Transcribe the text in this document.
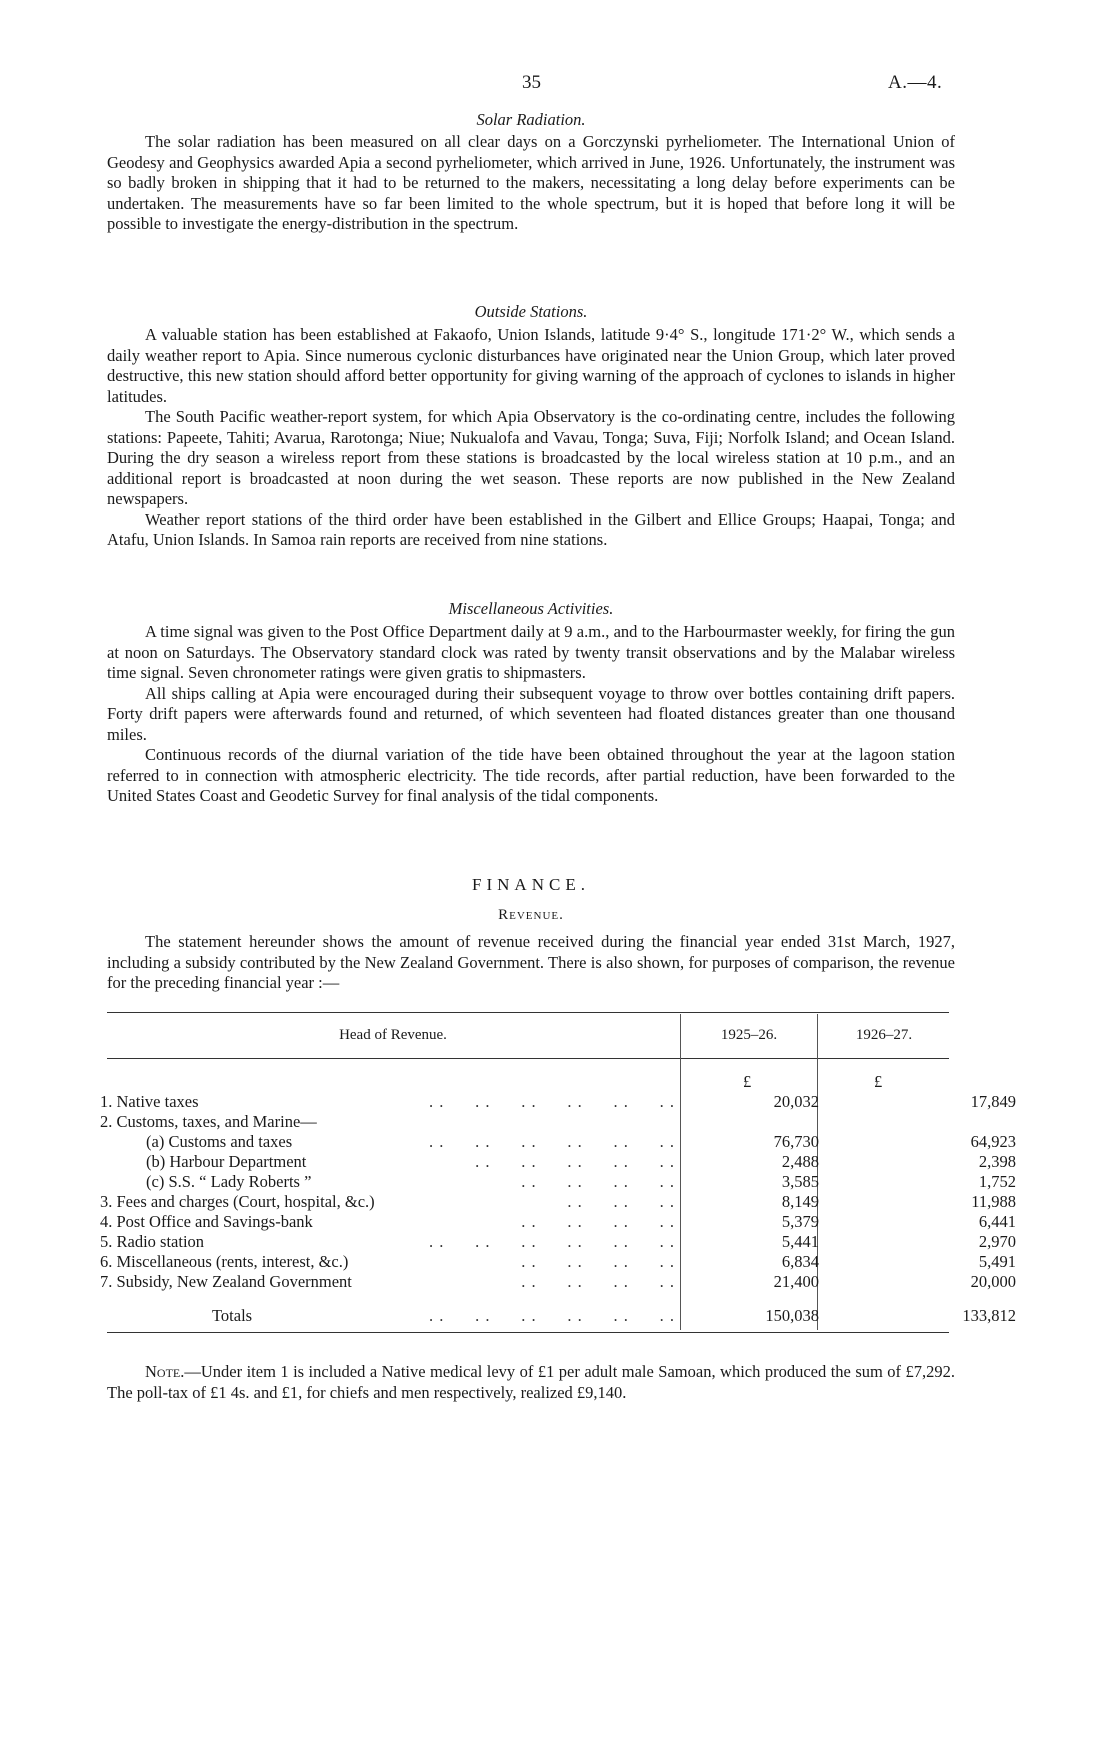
35	A.—4.
Solar Radiation.

The solar radiation has been measured on all clear days on a Gorczynski pyrheliometer. The International Union of Geodesy and Geophysics awarded Apia a second pyrheliometer, which arrived in June, 1926. Unfortunately, the instrument was so badly broken in shipping that it had to be returned to the makers, necessitating a long delay before experiments can be undertaken. The measurements have so far been limited to the whole spectrum, but it is hoped that before long it will be possible to investigate the energy-distribution in the spectrum.

Outside Stations.

A valuable station has been established at Fakaofo, Union Islands, latitude 9·4° S., longitude 171·2° W., which sends a daily weather report to Apia. Since numerous cyclonic disturbances have originated near the Union Group, which later proved destructive, this new station should afford better opportunity for giving warning of the approach of cyclones to islands in higher latitudes.

The South Pacific weather-report system, for which Apia Observatory is the co-ordinating centre, includes the following stations: Papeete, Tahiti; Avarua, Rarotonga; Niue; Nukualofa and Vavau, Tonga; Suva, Fiji; Norfolk Island; and Ocean Island. During the dry season a wireless report from these stations is broadcasted by the local wireless station at 10 p.m., and an additional report is broadcasted at noon during the wet season. These reports are now published in the New Zealand newspapers.

Weather report stations of the third order have been established in the Gilbert and Ellice Groups; Haapai, Tonga; and Atafu, Union Islands. In Samoa rain reports are received from nine stations.

Miscellaneous Activities.

A time signal was given to the Post Office Department daily at 9 a.m., and to the Harbourmaster weekly, for firing the gun at noon on Saturdays. The Observatory standard clock was rated by twenty transit observations and by the Malabar wireless time signal. Seven chronometer ratings were given gratis to shipmasters.

All ships calling at Apia were encouraged during their subsequent voyage to throw over bottles containing drift papers. Forty drift papers were afterwards found and returned, of which seventeen had floated distances greater than one thousand miles.

Continuous records of the diurnal variation of the tide have been obtained throughout the year at the lagoon station referred to in connection with atmospheric electricity. The tide records, after partial reduction, have been forwarded to the United States Coast and Geodetic Survey for final analysis of the tidal components.

FINANCE.
Revenue.

The statement hereunder shows the amount of revenue received during the financial year ended 31st March, 1927, including a subsidy contributed by the New Zealand Government. There is also shown, for purposes of comparison, the revenue for the preceding financial year :—

Head of Revenue.	1925–26.	1926–27.
£	£
. .      . .      . .      . .      . .      . .
1. Native taxes	20,032	17,849
2. Customs, taxes, and Marine—
. .      . .      . .      . .      . .      . .
(a) Customs and taxes	76,730	64,923
. .      . .      . .      . .      . .
(b) Harbour Department	2,488	2,398
. .      . .      . .      . .
(c) S.S. “ Lady Roberts ”	3,585	1,752
. .      . .      . .
3. Fees and charges (Court, hospital, &c.)	8,149	11,988
. .      . .      . .      . .
4. Post Office and Savings-bank	5,379	6,441
. .      . .      . .      . .      . .      . .
5. Radio station	5,441	2,970
. .      . .      . .      . .
6. Miscellaneous (rents, interest, &c.)	6,834	5,491
. .      . .      . .      . .
7. Subsidy, New Zealand Government	21,400	20,000
. .      . .      . .      . .      . .      . .
Totals	150,038	133,812

Note.—Under item 1 is included a Native medical levy of £1 per adult male Samoan, which produced the sum of £7,292. The poll-tax of £1 4s. and £1, for chiefs and men respectively, realized £9,140.
